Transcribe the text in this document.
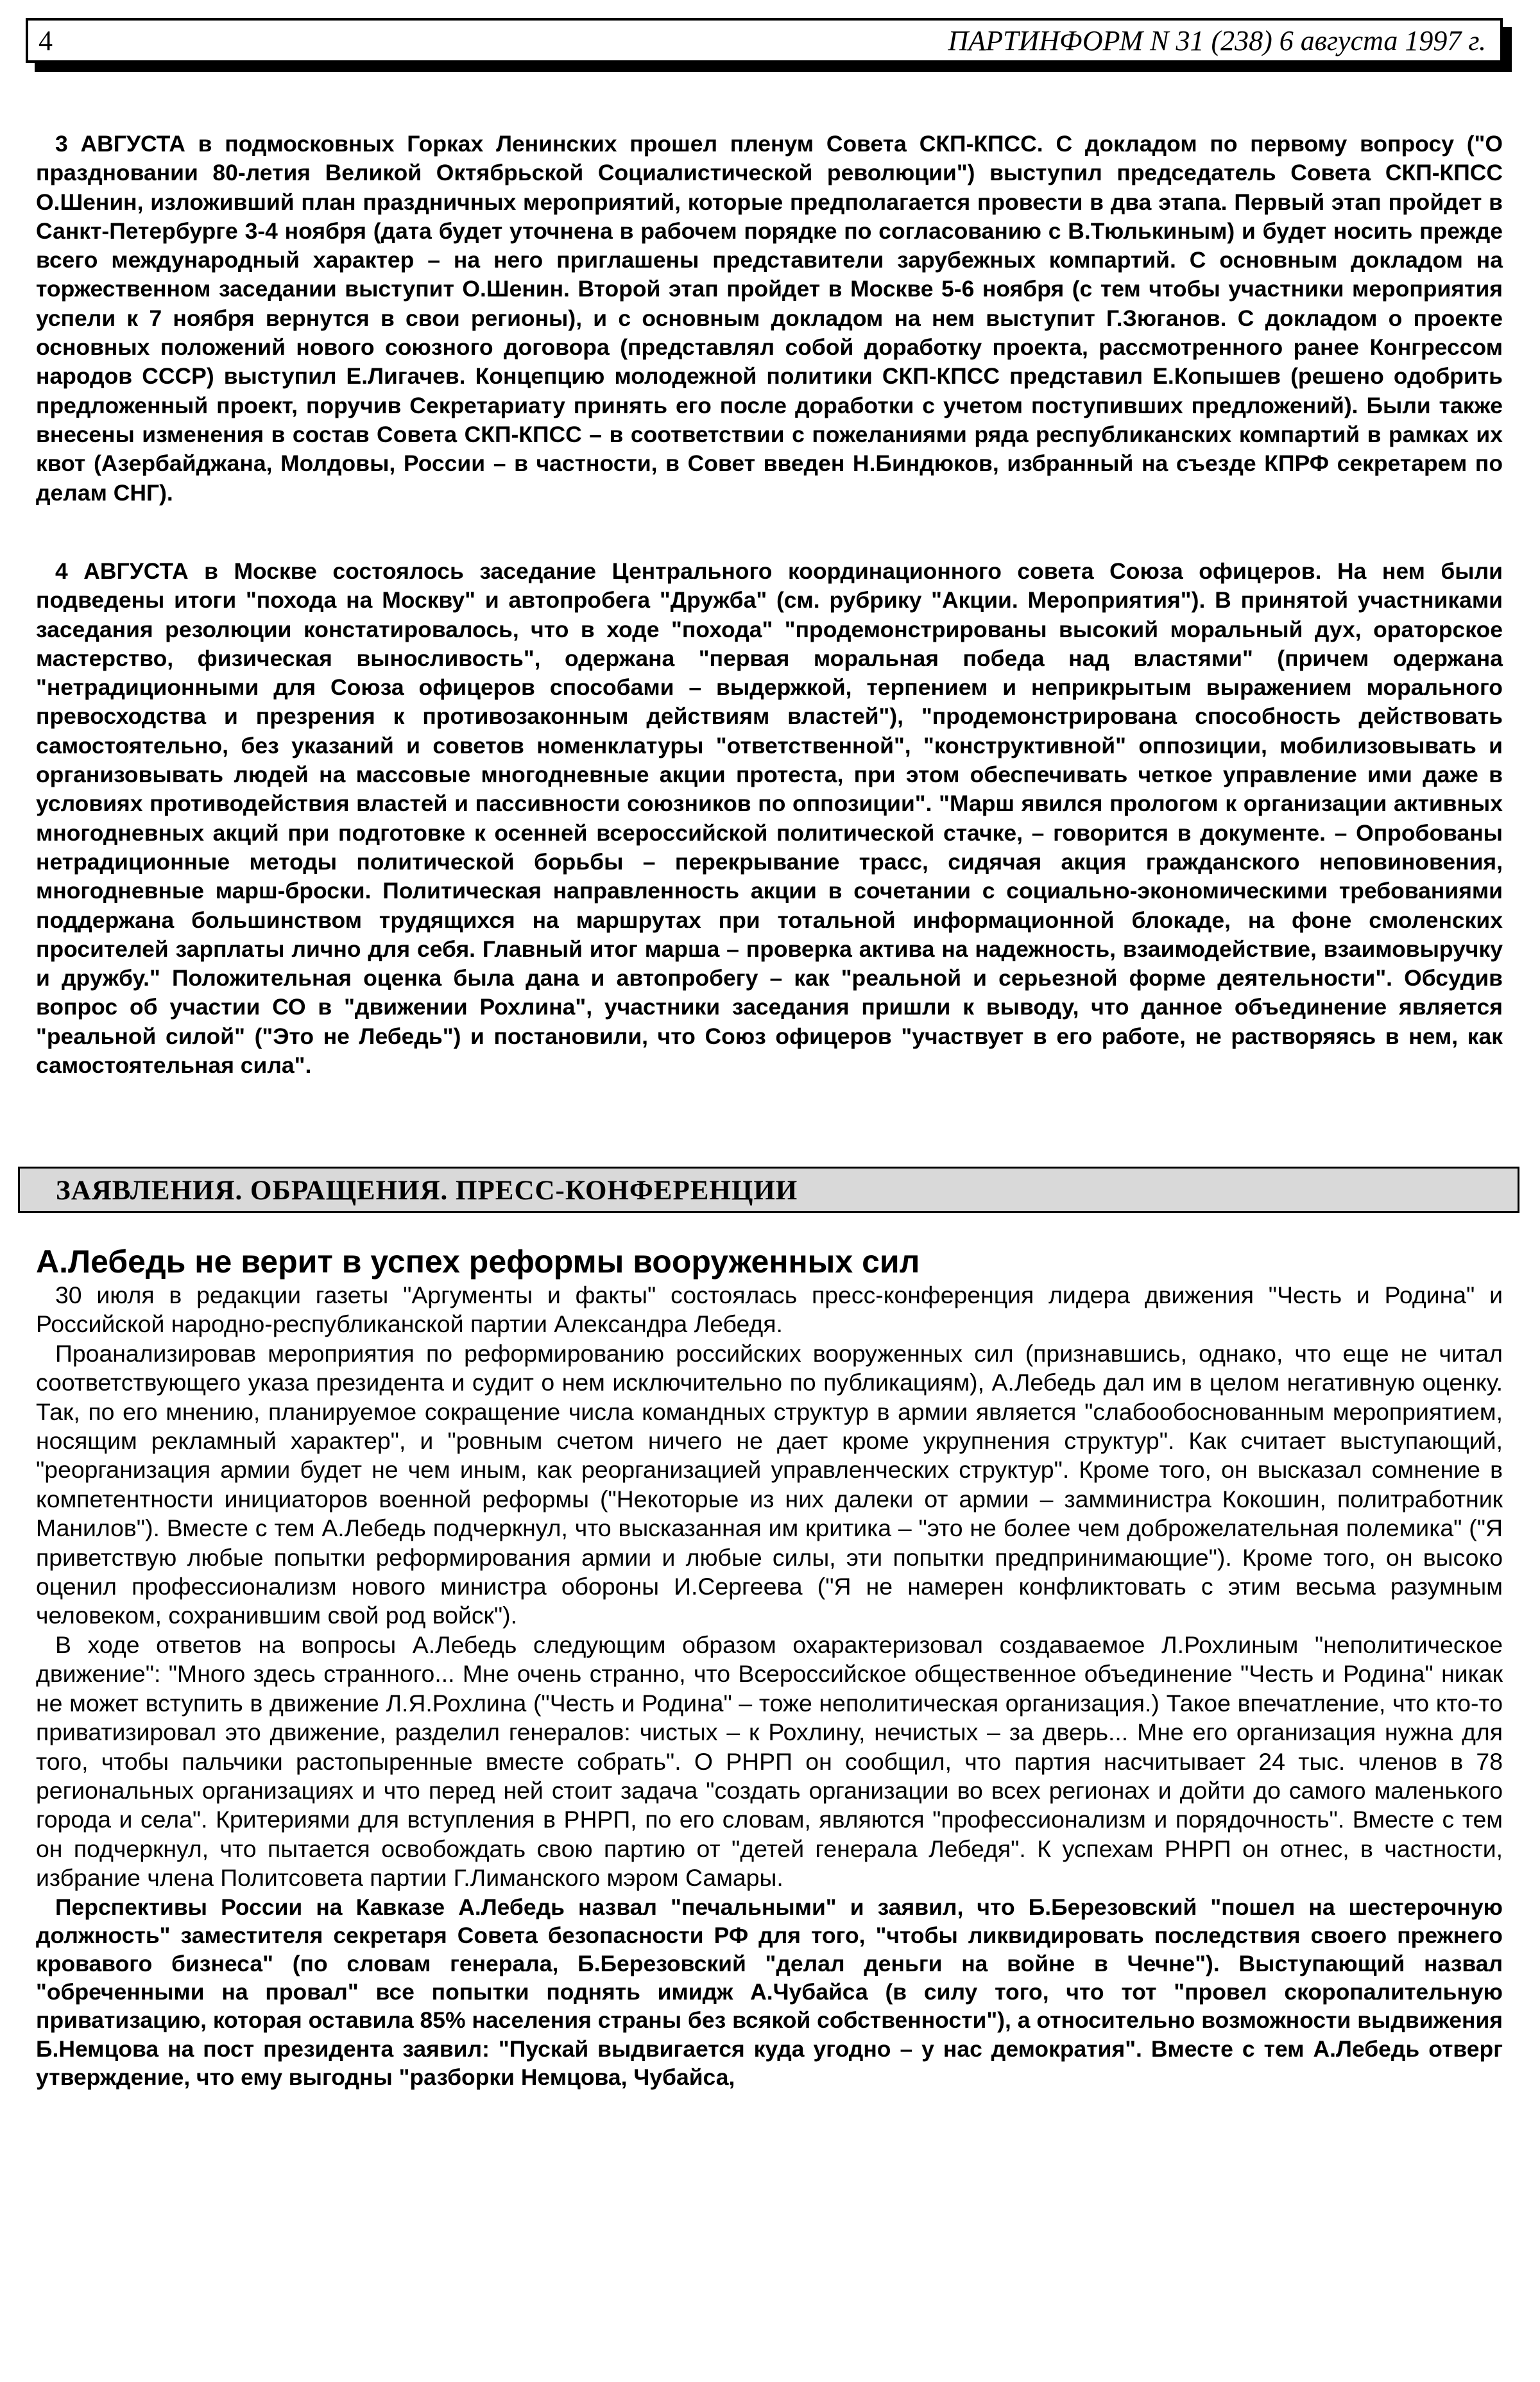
4	ПАРТИНФОРМ N 31 (238) 6 августа 1997 г.

3 АВГУСТА в подмосковных Горках Ленинских прошел пленум Совета СКП-КПСС. С докладом по первому вопросу ("О праздновании 80-летия Великой Октябрьской Социалистической революции") выступил председатель Совета СКП-КПСС О.Шенин, изложивший план праздничных мероприятий, которые предполагается провести в два этапа. Первый этап пройдет в Санкт-Петербурге 3-4 ноября (дата будет уточнена в рабочем порядке по согласованию с В.Тюлькиным) и будет носить прежде всего международный характер – на него приглашены представители зарубежных компартий. С основным докладом на торжественном заседании выступит О.Шенин. Второй этап пройдет в Москве 5-6 ноября (с тем чтобы участники мероприятия успели к 7 ноября вернутся в свои регионы), и с основным докладом на нем выступит Г.Зюганов. С докладом о проекте основных положений нового союзного договора (представлял собой доработку проекта, рассмотренного ранее Конгрессом народов СССР) выступил Е.Лигачев. Концепцию молодежной политики СКП-КПСС представил Е.Копышев (решено одобрить предложенный проект, поручив Секретариату принять его после доработки с учетом поступивших предложений). Были также внесены изменения в состав Совета СКП-КПСС – в соответствии с пожеланиями ряда республиканских компартий в рамках их квот (Азербайджана, Молдовы, России – в частности, в Совет введен Н.Биндюков, избранный на съезде КПРФ секретарем по делам СНГ).

4 АВГУСТА в Москве состоялось заседание Центрального координационного совета Союза офицеров. На нем были подведены итоги "похода на Москву" и автопробега "Дружба" (см. рубрику "Акции. Мероприятия"). В принятой участниками заседания резолюции констатировалось, что в ходе "похода" "продемонстрированы высокий моральный дух, ораторское мастерство, физическая выносливость", одержана "первая моральная победа над властями" (причем одержана "нетрадиционными для Союза офицеров способами – выдержкой, терпением и неприкрытым выражением морального превосходства и презрения к противозаконным действиям властей"), "продемонстрирована способность действовать самостоятельно, без указаний и советов номенклатуры "ответственной", "конструктивной" оппозиции, мобилизовывать и организовывать людей на массовые многодневные акции протеста, при этом обеспечивать четкое управление ими даже в условиях противодействия властей и пассивности союзников по оппозиции". "Марш явился прологом к организации активных многодневных акций при подготовке к осенней всероссийской политической стачке, – говорится в документе. – Опробованы нетрадиционные методы политической борьбы – перекрывание трасс, сидячая акция гражданского неповиновения, многодневные марш-броски. Политическая направленность акции в сочетании с социально-экономическими требованиями поддержана большинством трудящихся на маршрутах при тотальной информационной блокаде, на фоне смоленских просителей зарплаты лично для себя. Главный итог марша – проверка актива на надежность, взаимодействие, взаимовыручку и дружбу." Положительная оценка была дана и автопробегу – как "реальной и серьезной форме деятельности". Обсудив вопрос об участии СО в "движении Рохлина", участники заседания пришли к выводу, что данное объединение является "реальной силой" ("Это не Лебедь") и постановили, что Союз офицеров "участвует в его работе, не растворяясь в нем, как самостоятельная сила".

ЗАЯВЛЕНИЯ. ОБРАЩЕНИЯ. ПРЕСС-КОНФЕРЕНЦИИ
А.Лебедь не верит в успех реформы вооруженных сил

30 июля в редакции газеты "Аргументы и факты" состоялась пресс-конференция лидера движения "Честь и Родина" и Российской народно-республиканской партии Александра Лебедя.

Проанализировав мероприятия по реформированию российских вооруженных сил (признавшись, однако, что еще не читал соответствующего указа президента и судит о нем исключительно по публикациям), А.Лебедь дал им в целом негативную оценку. Так, по его мнению, планируемое сокращение числа командных структур в армии является "слабообоснованным мероприятием, носящим рекламный характер", и "ровным счетом ничего не дает кроме укрупнения структур". Как считает выступающий, "реорганизация армии будет не чем иным, как реорганизацией управленческих структур". Кроме того, он высказал сомнение в компетентности инициаторов военной реформы ("Некоторые из них далеки от армии – замминистра Кокошин, политработник Манилов"). Вместе с тем А.Лебедь подчеркнул, что высказанная им критика – "это не более чем доброжелательная полемика" ("Я приветствую любые попытки реформирования армии и любые силы, эти попытки предпринимающие"). Кроме того, он высоко оценил профессионализм нового министра обороны И.Сергеева ("Я не намерен конфликтовать с этим весьма разумным человеком, сохранившим свой род войск").

В ходе ответов на вопросы А.Лебедь следующим образом охарактеризовал создаваемое Л.Рохлиным "неполитическое движение": "Много здесь странного... Мне очень странно, что Всероссийское общественное объединение "Честь и Родина" никак не может вступить в движение Л.Я.Рохлина ("Честь и Родина" – тоже неполитическая организация.) Такое впечатление, что кто-то приватизировал это движение, разделил генералов: чистых – к Рохлину, нечистых – за дверь... Мне его организация нужна для того, чтобы пальчики растопыренные вместе собрать". О РНРП он сообщил, что партия насчитывает 24 тыс. членов в 78 региональных организациях и что перед ней стоит задача "создать организации во всех регионах и дойти до самого маленького города и села". Критериями для вступления в РНРП, по его словам, являются "профессионализм и порядочность". Вместе с тем он подчеркнул, что пытается освобождать свою партию от "детей генерала Лебедя". К успехам РНРП он отнес, в частности, избрание члена Политсовета партии Г.Лиманского мэром Самары.

Перспективы России на Кавказе А.Лебедь назвал "печальными" и заявил, что Б.Березовский "пошел на шестерочную должность" заместителя секретаря Совета безопасности РФ для того, "чтобы ликвидировать последствия своего прежнего кровавого бизнеса" (по словам генерала, Б.Березовский "делал деньги на войне в Чечне"). Выступающий назвал "обреченными на провал" все попытки поднять имидж А.Чубайса (в силу того, что тот "провел скоропалительную приватизацию, которая оставила 85% населения страны без всякой собственности"), а относительно возможности выдвижения Б.Немцова на пост президента заявил: "Пускай выдвигается куда угодно – у нас демократия". Вместе с тем А.Лебедь отверг утверждение, что ему выгодны "разборки Немцова, Чубайса,
